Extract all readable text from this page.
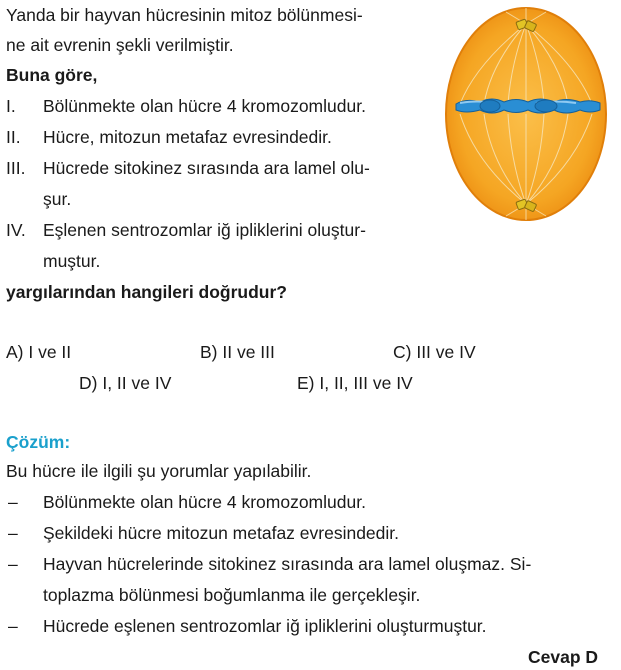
Yanda bir hayvan hücresinin mitoz bölünmesi-
ne ait evrenin şekli verilmiştir.
Buna göre,
I. Bölünmekte olan hücre 4 kromozomludur.
II. Hücre, mitozun metafaz evresindedir.
III. Hücrede sitokinez sırasında ara lamel olu-
şur.
IV. Eşlenen sentrozomlar iğ ipliklerini oluştur-
muştur.
yargılarından hangileri doğrudur?
A) I ve II	B) II ve III	C) III ve IV
D) I, II ve IV	E) I, II, III ve IV
Çözüm:
Bu hücre ile ilgili şu yorumlar yapılabilir.
– Bölünmekte olan hücre 4 kromozomludur.
– Şekildeki hücre mitozun metafaz evresindedir.
– Hayvan hücrelerinde sitokinez sırasında ara lamel oluşmaz. Si-
toplazma bölünmesi boğumlanma ile gerçekleşir.
– Hücrede eşlenen sentrozomlar iğ ipliklerini oluşturmuştur.
Cevap D
